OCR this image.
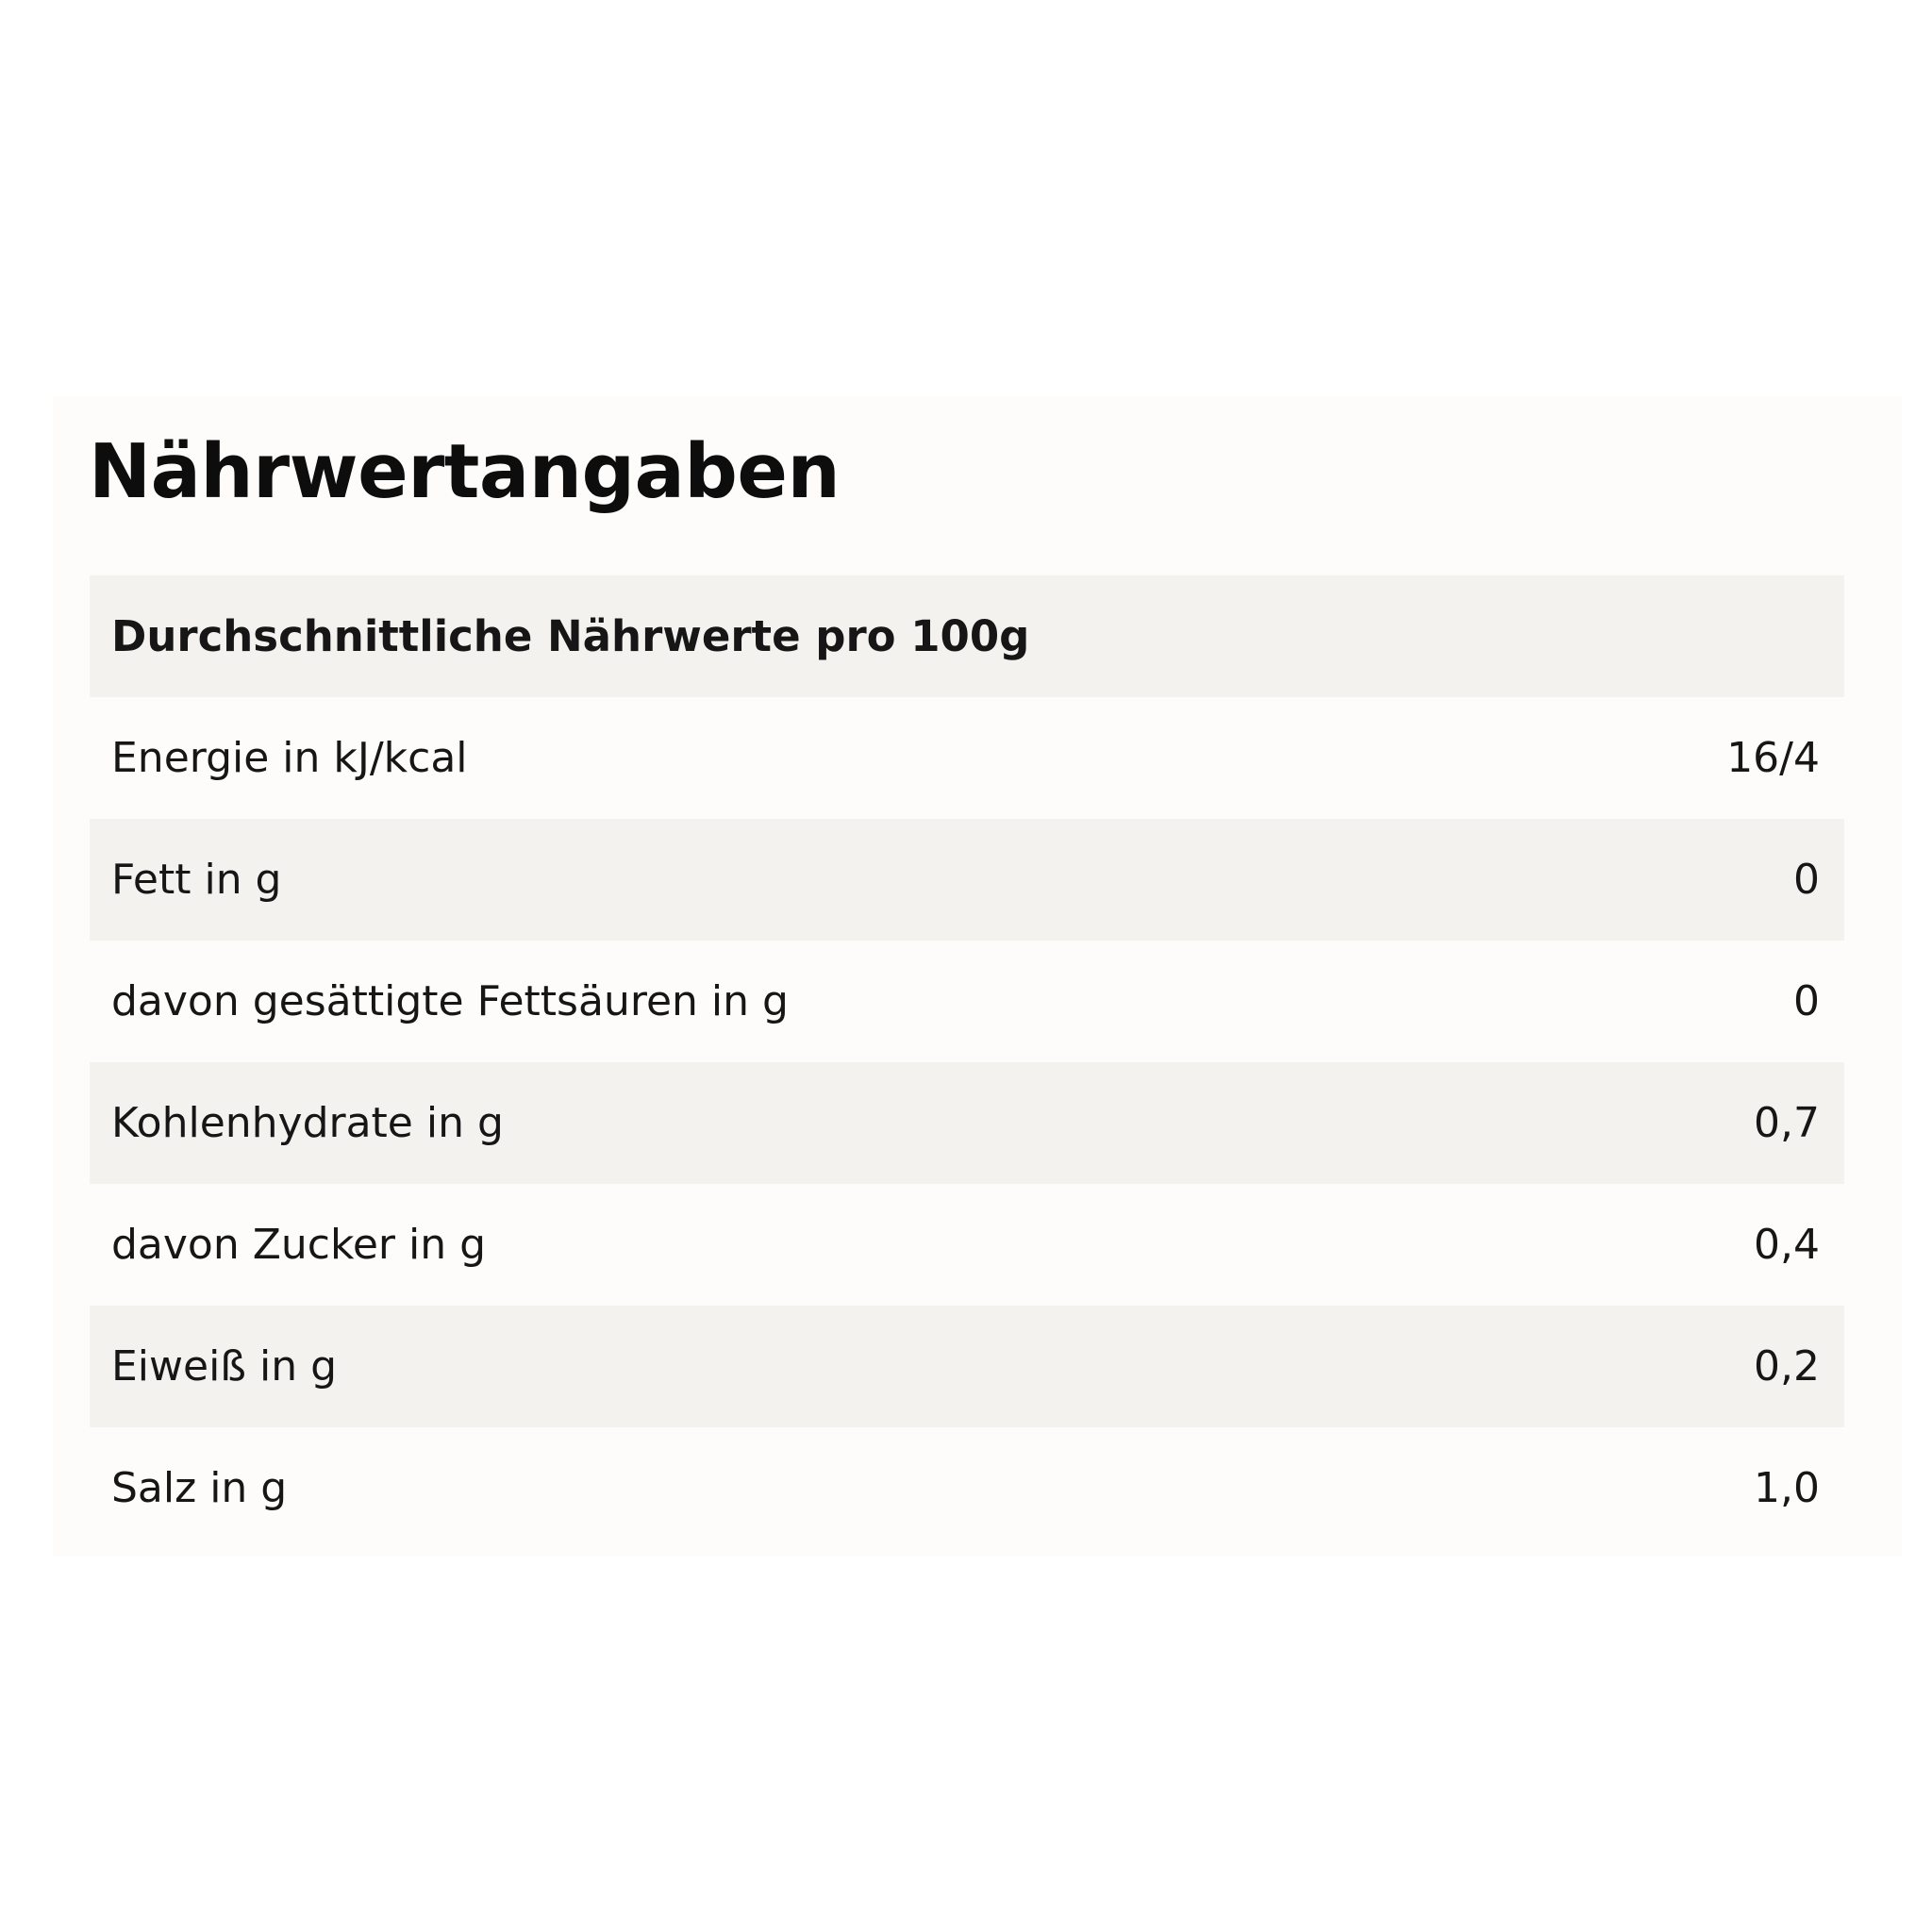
Nährwertangaben
Durchschnittliche Nährwerte pro 100g
Energie in kJ/kcal	16/4
Fett in g	0
davon gesättigte Fettsäuren in g	0
Kohlenhydrate in g	0,7
davon Zucker in g	0,4
Eiweiß in g	0,2
Salz in g	1,0
